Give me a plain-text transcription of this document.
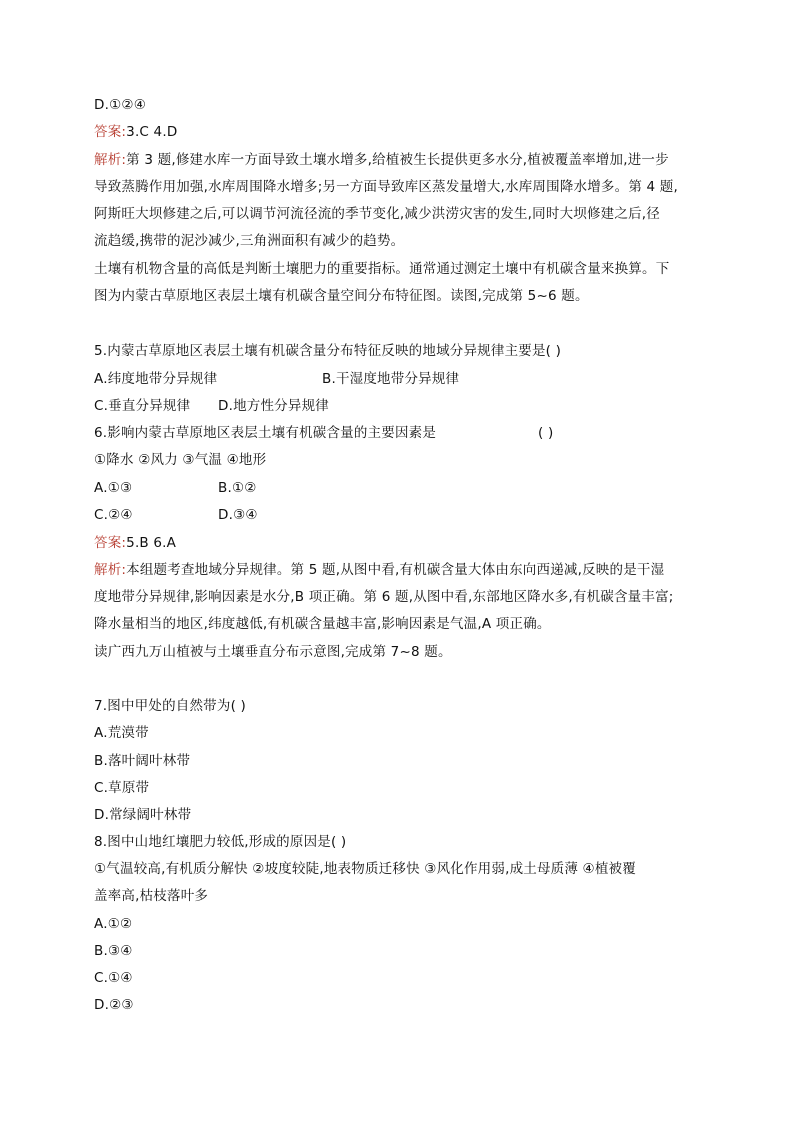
D.①②④
答案:3.C 4.D
解析:第 3 题,修建水库一方面导致土壤水增多,给植被生长提供更多水分,植被覆盖率增加,进一步
导致蒸腾作用加强,水库周围降水增多;另一方面导致库区蒸发量增大,水库周围降水增多。第 4 题,
阿斯旺大坝修建之后,可以调节河流径流的季节变化,减少洪涝灾害的发生,同时大坝修建之后,径
流趋缓,携带的泥沙减少,三角洲面积有减少的趋势。
土壤有机物含量的高低是判断土壤肥力的重要指标。通常通过测定土壤中有机碳含量来换算。下
图为内蒙古草原地区表层土壤有机碳含量空间分布特征图。读图,完成第 5~6 题。
5.内蒙古草原地区表层土壤有机碳含量分布特征反映的地域分异规律主要是( )
A.纬度地带分异规律	B.干湿度地带分异规律
C.垂直分异规律 D.地方性分异规律
6.影响内蒙古草原地区表层土壤有机碳含量的主要因素是	( )
①降水 ②风力 ③气温 ④地形
A.①③	B.①②
C.②④	D.③④
答案:5.B 6.A
解析:本组题考查地域分异规律。第 5 题,从图中看,有机碳含量大体由东向西递减,反映的是干湿
度地带分异规律,影响因素是水分,B 项正确。第 6 题,从图中看,东部地区降水多,有机碳含量丰富;
降水量相当的地区,纬度越低,有机碳含量越丰富,影响因素是气温,A 项正确。
读广西九万山植被与土壤垂直分布示意图,完成第 7~8 题。
7.图中甲处的自然带为( )
A.荒漠带
B.落叶阔叶林带
C.草原带
D.常绿阔叶林带
8.图中山地红壤肥力较低,形成的原因是( )
①气温较高,有机质分解快 ②坡度较陡,地表物质迁移快 ③风化作用弱,成土母质薄 ④植被覆
盖率高,枯枝落叶多
A.①②
B.③④
C.①④
D.②③
